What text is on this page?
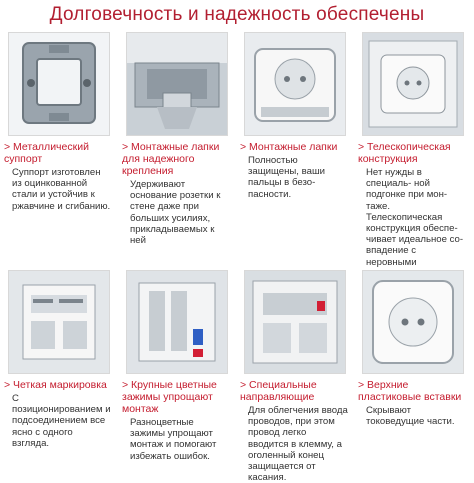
Долговечность и надежность обеспечены
> Металлический суппорт
Суппорт изготовлен из оцинкованной стали и устойчив к ржавчине и сгибанию.
> Монтажные лапки для надежного крепления
Удерживают основание розетки к стене даже при больших усилиях, прикладываемых к ней
> Монтажные лапки
Полностью защищены, ваши пальцы в безо- пасности.
> Телескопическая конструкция
Нет нужды в специаль- ной подгонке при мон- таже. Телескопическая конструкция обеспе- чивает идеальное со- впадение с неровными
> Четкая маркировка
С позиционированием и подсоединением все ясно с одного взгляда.
> Крупные цветные зажимы упрощают монтаж
Разноцветные зажимы упрощают монтаж и помогают избежать ошибок.
> Специальные направляющие
Для облегчения ввода проводов, при этом провод легко вводится в клемму, а оголенный конец защищается от касания.
> Верхние пластиковые вставки
Скрывают токоведущие части.
